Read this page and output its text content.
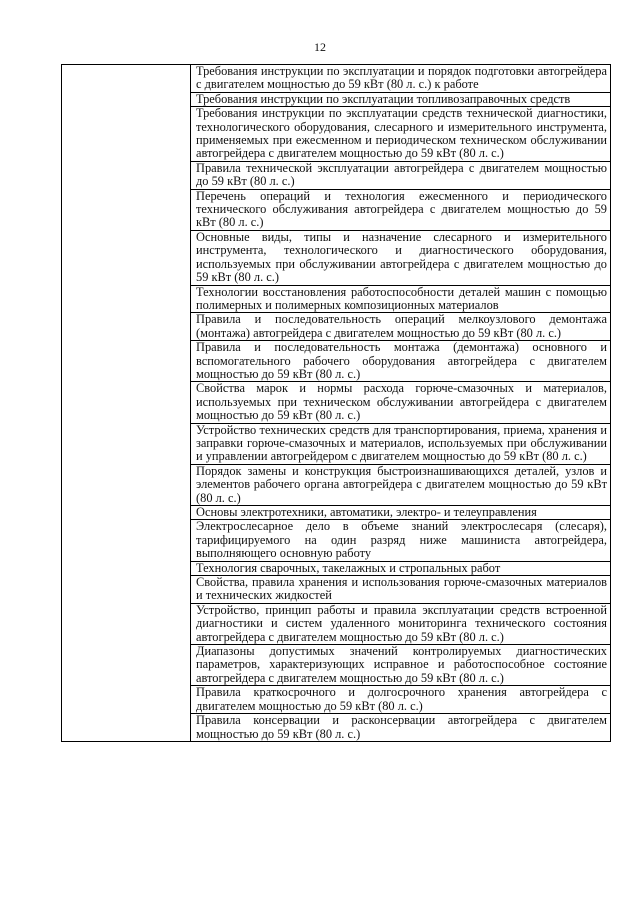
12
	Требования инструкции по эксплуатации и порядок подготовки автогрейдера с двигателем мощностью до 59 кВт (80 л. с.) к работе
Требования инструкции по эксплуатации топливозаправочных средств
Требования инструкции по эксплуатации средств технической диагностики, технологического оборудования, слесарного и измерительного инструмента, применяемых при ежесменном и периодическом техническом обслуживании автогрейдера с двигателем мощностью до 59 кВт (80 л. с.)
Правила технической эксплуатации автогрейдера с двигателем мощностью до 59 кВт (80 л. с.)
Перечень операций и технология ежесменного и периодического технического обслуживания автогрейдера с двигателем мощностью до 59 кВт (80 л. с.)
Основные виды, типы и назначение слесарного и измерительного инструмента, технологического и диагностического оборудования, используемых при обслуживании автогрейдера с двигателем мощностью до 59 кВт (80 л. с.)
Технологии восстановления работоспособности деталей машин с помощью полимерных и полимерных композиционных материалов
Правила и последовательность операций мелкоузлового демонтажа (монтажа) автогрейдера с двигателем мощностью до 59 кВт (80 л. с.)
Правила и последовательность монтажа (демонтажа) основного и вспомогательного рабочего оборудования автогрейдера с двигателем мощностью до 59 кВт (80 л. с.)
Свойства марок и нормы расхода горюче-смазочных и материалов, используемых при техническом обслуживании автогрейдера с двигателем мощностью до 59 кВт (80 л. с.)
Устройство технических средств для транспортирования, приема, хранения и заправки горюче-смазочных и материалов, используемых при обслуживании и управлении автогрейдером с двигателем мощностью до 59 кВт (80 л. с.)
Порядок замены и конструкция быстроизнашивающихся деталей, узлов и элементов рабочего органа автогрейдера с двигателем мощностью до 59 кВт (80 л. с.)
Основы электротехники, автоматики, электро- и телеуправления
Электрослесарное дело в объеме знаний электрослесаря (слесаря), тарифицируемого на один разряд ниже машиниста автогрейдера, выполняющего основную работу
Технология сварочных, такелажных и стропальных работ
Свойства, правила хранения и использования горюче-смазочных материалов и технических жидкостей
Устройство, принцип работы и правила эксплуатации средств встроенной диагностики и систем удаленного мониторинга технического состояния автогрейдера с двигателем мощностью до 59 кВт (80 л. с.)
Диапазоны допустимых значений контролируемых диагностических параметров, характеризующих исправное и работоспособное состояние автогрейдера с двигателем мощностью до 59 кВт (80 л. с.)
Правила краткосрочного и долгосрочного хранения автогрейдера с двигателем мощностью до 59 кВт (80 л. с.)
Правила консервации и расконсервации автогрейдера с двигателем мощностью до 59 кВт (80 л. с.)
